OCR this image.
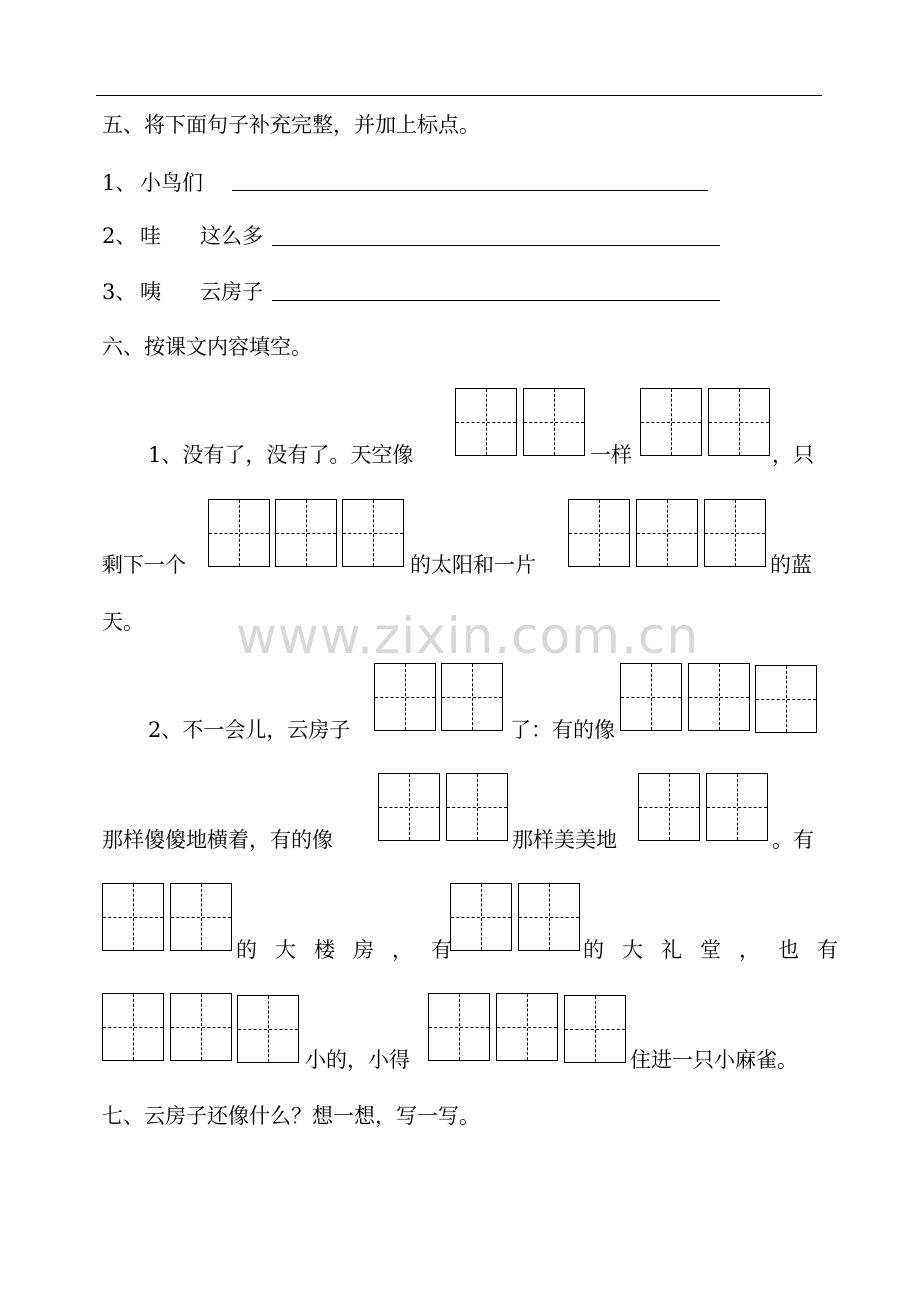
五、将下面句子补充完整，并加上标点。
1、 小鸟们
2、 哇 这么多
3、 咦 云房子
六、按课文内容填空。
1、没有了，没有了。天空像	一样	，只
剩下一个	的太阳和一片	的蓝
天。 www.zixin.com.cn
2、不一会儿，云房子	了：有的像
那样傻傻地横着，有的像	那样美美地	。有
的大楼房，有	的大礼堂，也有
小的，小得	住进一只小麻雀。
七、云房子还像什么？想一想，写一写。
